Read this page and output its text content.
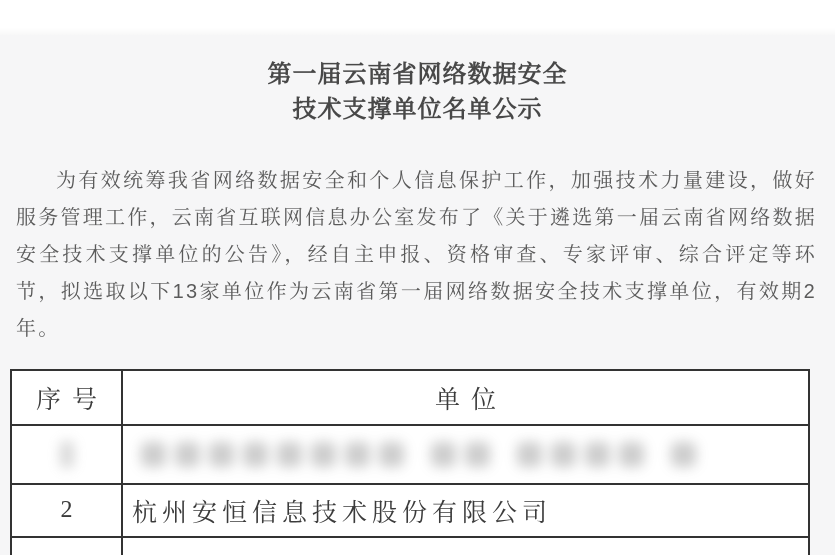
第一届云南省网络数据安全
技术支撑单位名单公示

为有效统筹我省网络数据安全和个人信息保护工作，加强技术力量建设，做好服务管理工作，云南省互联网信息办公室发布了《关于遴选第一届云南省网络数据安全技术支撑单位的公告》，经自主申报、资格审查、专家评审、综合评定等环节，拟选取以下13家单位作为云南省第一届网络数据安全技术支撑单位，有效期2年。

序号	单位
2	杭州安恒信息技术股份有限公司
